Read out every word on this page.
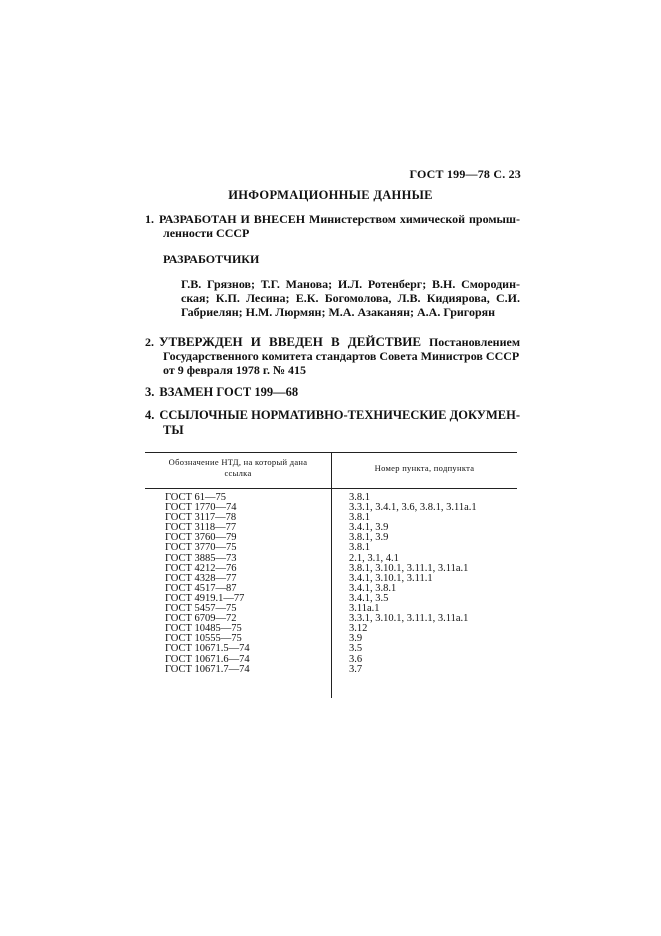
ГОСТ 199—78 С. 23
ИНФОРМАЦИОННЫЕ ДАННЫЕ
1. РАЗРАБОТАН И ВНЕСЕН Министерством химической промыш-
ленности СССР
РАЗРАБОТЧИКИ
Г.В. Грязнов; Т.Г. Манова; И.Л. Ротенберг; В.Н. Смородин-
ская; К.П. Лесина; Е.К. Богомолова, Л.В. Кидиярова, С.И.
Габриелян; Н.М. Люрмян; М.А. Азаканян; А.А. Григорян
2. УТВЕРЖДЕН И ВВЕДЕН В ДЕЙСТВИЕ Постановлением
Государственного комитета стандартов Совета Министров СССР
от 9 февраля 1978 г. № 415
3. ВЗАМЕН ГОСТ 199—68
4. ССЫЛОЧНЫЕ НОРМАТИВНО-ТЕХНИЧЕСКИЕ ДОКУМЕН-
ТЫ
Обозначение НТД, на который дана
ссылка	Номер пункта, подпункта
ГОСТ 61—75
ГОСТ 1770—74
ГОСТ 3117—78
ГОСТ 3118—77
ГОСТ 3760—79
ГОСТ 3770—75
ГОСТ 3885—73
ГОСТ 4212—76
ГОСТ 4328—77
ГОСТ 4517—87
ГОСТ 4919.1—77
ГОСТ 5457—75
ГОСТ 6709—72
ГОСТ 10485—75
ГОСТ 10555—75
ГОСТ 10671.5—74
ГОСТ 10671.6—74
ГОСТ 10671.7—74
3.8.1
3.3.1, 3.4.1, 3.6, 3.8.1, 3.11а.1
3.8.1
3.4.1, 3.9
3.8.1, 3.9
3.8.1
2.1, 3.1, 4.1
3.8.1, 3.10.1, 3.11.1, 3.11а.1
3.4.1, 3.10.1, 3.11.1
3.4.1, 3.8.1
3.4.1, 3.5
3.11а.1
3.3.1, 3.10.1, 3.11.1, 3.11а.1
3.12
3.9
3.5
3.6
3.7
